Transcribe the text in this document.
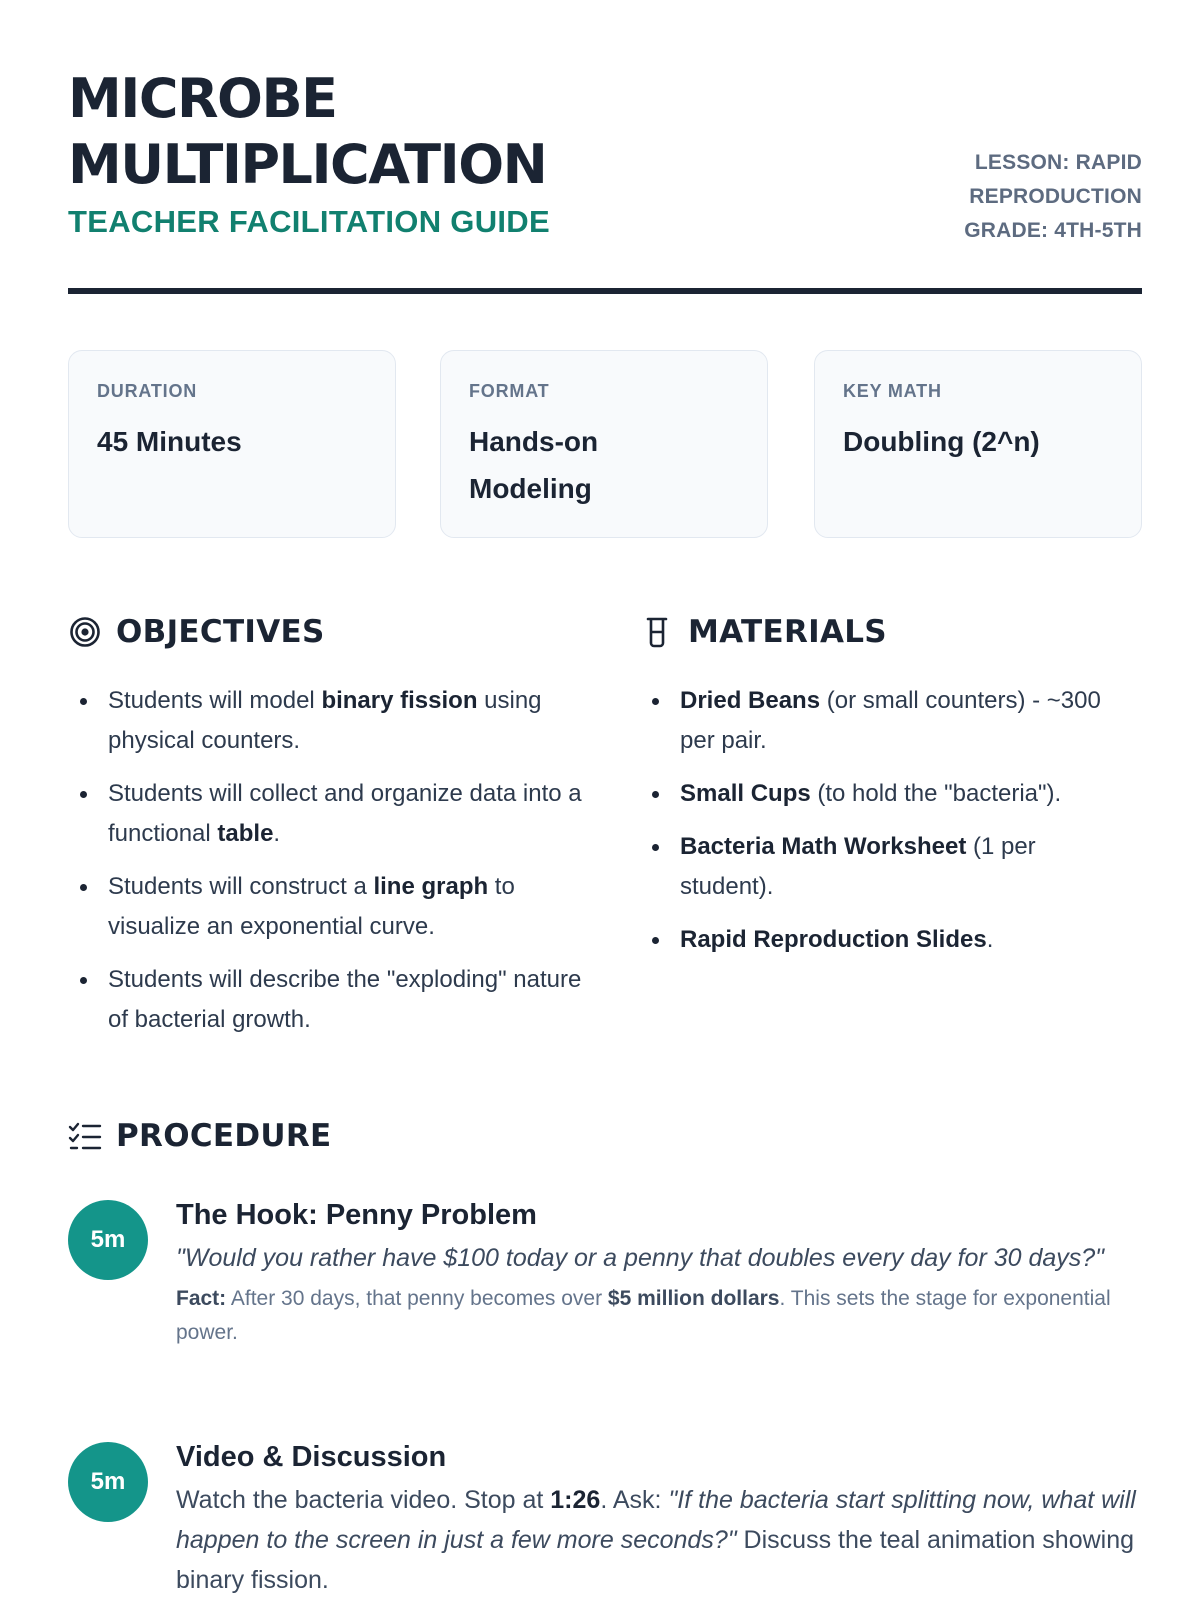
MICROBE
MULTIPLICATION
TEACHER FACILITATION GUIDE
LESSON: RAPID
REPRODUCTION
GRADE: 4TH-5TH
DURATION
45 Minutes
FORMAT
Hands-on
Modeling
KEY MATH
Doubling (2^n)
OBJECTIVES
Students will model binary fission using physical counters.
Students will collect and organize data into a functional table.
Students will construct a line graph to visualize an exponential curve.
Students will describe the "exploding" nature of bacterial growth.
MATERIALS
Dried Beans (or small counters) - ~300 per pair.
Small Cups (to hold the "bacteria").
Bacteria Math Worksheet (1 per student).
Rapid Reproduction Slides.
PROCEDURE
5m
The Hook: Penny Problem
"Would you rather have $100 today or a penny that doubles every day for 30 days?"
Fact: After 30 days, that penny becomes over $5 million dollars. This sets the stage for exponential power.
5m
Video & Discussion
Watch the bacteria video. Stop at 1:26. Ask: "If the bacteria start splitting now, what will happen to the screen in just a few more seconds?" Discuss the teal animation showing binary fission.
